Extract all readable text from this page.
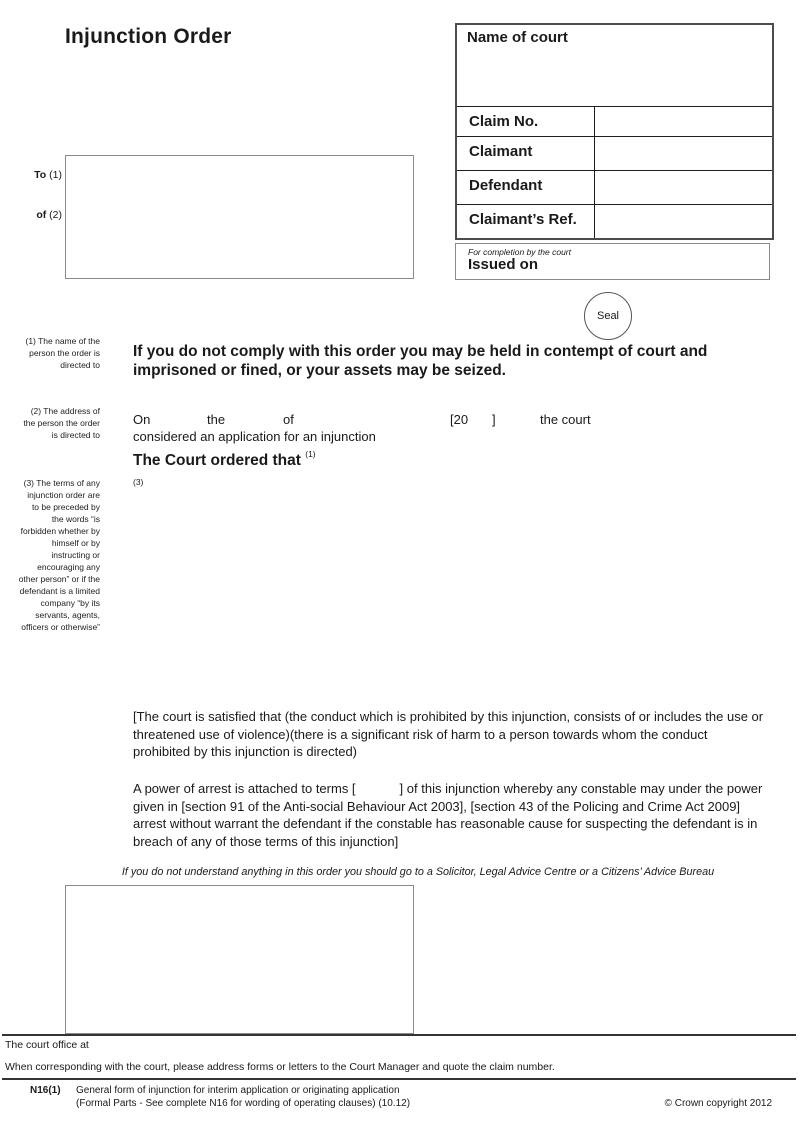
Injunction Order	Name of court
Claim No.
Claimant
Defendant
Claimant’s Ref.
For completion by the court
Issued on
To (1)
of (2)
Seal
(1) The name of the person the order is directed to
(2) The address of the person the order is directed to
(3) The terms of any injunction order are to be preceded by the words “is forbidden whether by himself or by instructing or encouraging any other person” or if the defendant is a limited company “by its servants, agents, officers or otherwise”
If you do not comply with this order you may be held in contempt of court and imprisoned or fined, or your assets may be seized.
On	the	of	[20 ]	the court
considered an application for an injunction
The Court ordered that $^{(1)}$
(3)
[The court is satisfied that (the conduct which is prohibited by this injunction, consists of or includes the use or threatened use of violence)(there is a significant risk of harm to a person towards whom the conduct prohibited by this injunction is directed)
A power of arrest is attached to terms [	] of this injunction whereby any constable may under the power given in [section 91 of the Anti-social Behaviour Act 2003], [section 43 of the Policing and Crime Act 2009] arrest without warrant the defendant if the constable has reasonable cause for suspecting the defendant is in breach of any of those terms of this injunction]
If you do not understand anything in this order you should go to a Solicitor, Legal Advice Centre or a Citizens’ Advice Bureau
The court office at
When corresponding with the court, please address forms or letters to the Court Manager and quote the claim number.
N16(1) General form of injunction for interim application or originating application
(Formal Parts - See complete N16 for wording of operating clauses) (10.12)	© Crown copyright 2012
